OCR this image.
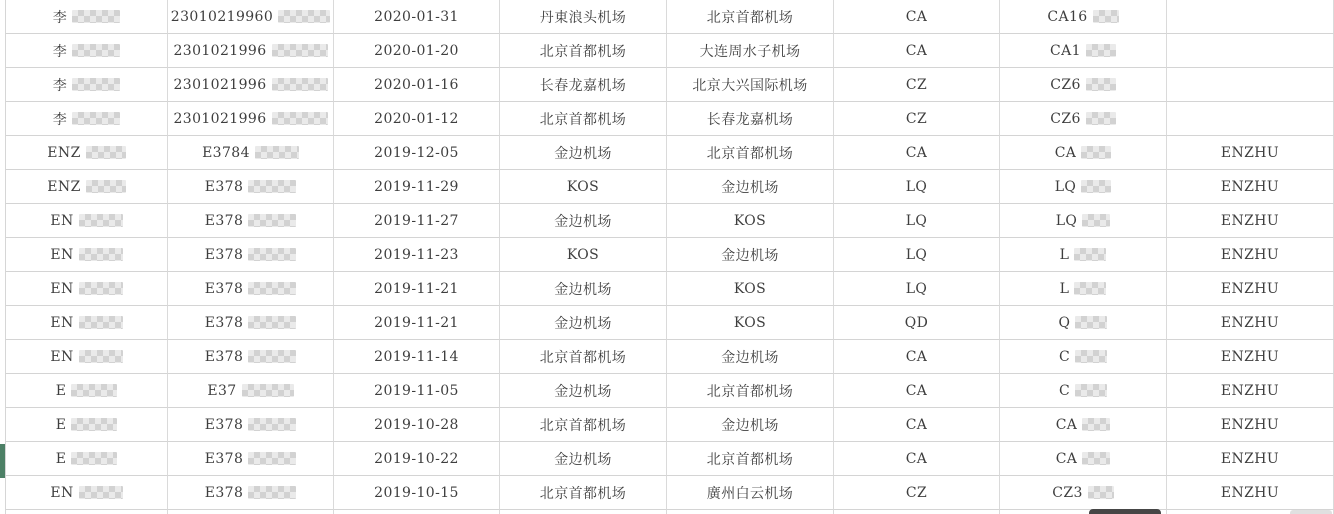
李	23010219960	2020-01-31	丹東浪头机场	北京首都机场	CA	CA16
李	2301021996	2020-01-20	北京首都机场	大连周水子机场	CA	CA1
李	2301021996	2020-01-16	长春龙嘉机场	北京大兴国际机场	CZ	CZ6
李	2301021996	2020-01-12	北京首都机场	长春龙嘉机场	CZ	CZ6
ENZ	E3784	2019-12-05	金边机场	北京首都机场	CA	CA	ENZHU
ENZ	E378	2019-11-29	KOS	金边机场	LQ	LQ	ENZHU
EN	E378	2019-11-27	金边机场	KOS	LQ	LQ	ENZHU
EN	E378	2019-11-23	KOS	金边机场	LQ	L	ENZHU
EN	E378	2019-11-21	金边机场	KOS	LQ	L	ENZHU
EN	E378	2019-11-21	金边机场	KOS	QD	Q	ENZHU
EN	E378	2019-11-14	北京首都机场	金边机场	CA	C	ENZHU
E	E37	2019-11-05	金边机场	北京首都机场	CA	C	ENZHU
E	E378	2019-10-28	北京首都机场	金边机场	CA	CA	ENZHU
E	E378	2019-10-22	金边机场	北京首都机场	CA	CA	ENZHU
EN	E378	2019-10-15	北京首都机场	廣州白云机场	CZ	CZ3	ENZHU
